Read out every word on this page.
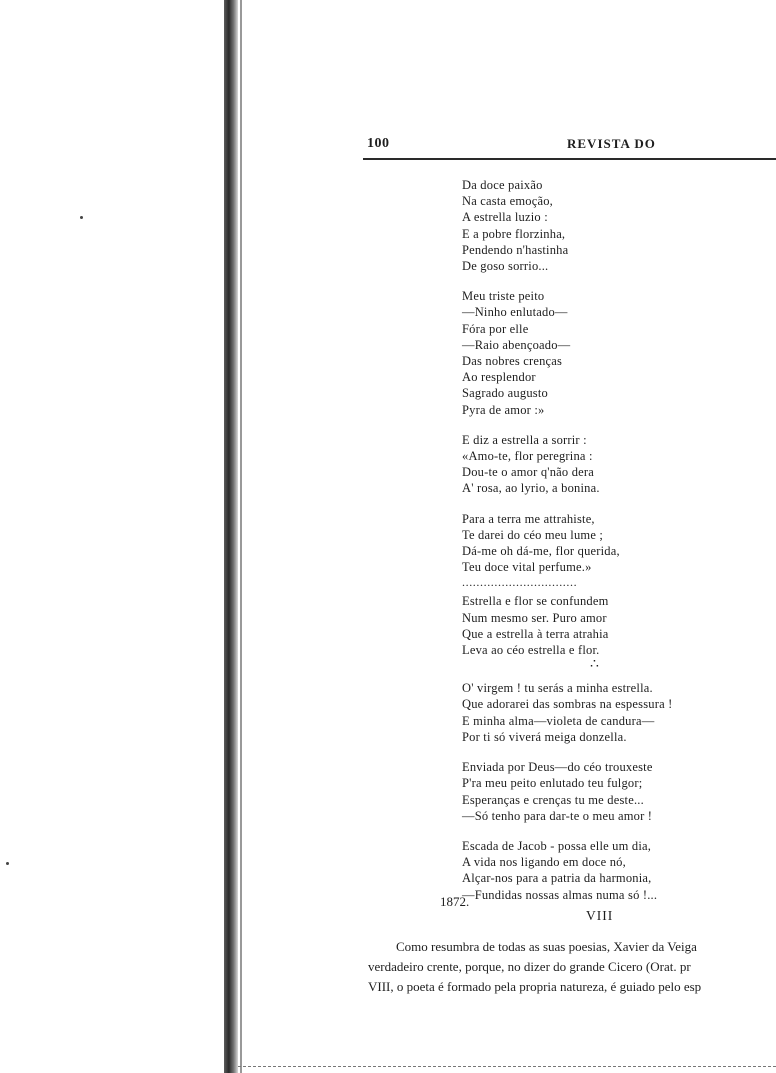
100	REVISTA DO
Da doce paixão
Na casta emoção,
A estrella luzio :
E a pobre florzinha,
Pendendo n'hastinha
De goso sorrio...
Meu triste peito
—Ninho enlutado—
Fóra por elle
—Raio abençoado—
Das nobres crenças
Ao resplendor
Sagrado augusto
Pyra de amor :»
E diz a estrella a sorrir :
«Amo-te, flor peregrina :
Dou-te o amor q'não dera
A' rosa, ao lyrio, a bonina.
Para a terra me attrahiste,
Te darei do céo meu lume ;
Dá-me oh dá-me, flor querida,
Teu doce vital perfume.»
................................
Estrella e flor se confundem
Num mesmo ser. Puro amor
Que a estrella à terra atrahia
Leva ao céo estrella e flor.
O' virgem ! tu serás a minha estrella.
Que adorarei das sombras na espessura !
E minha alma—violeta de candura—
Por ti só viverá meiga donzella.
Enviada por Deus—do céo trouxeste
P'ra meu peito enlutado teu fulgor;
Esperanças e crenças tu me deste...
—Só tenho para dar-te o meu amor !
Escada de Jacob - possa elle um dia,
A vida nos ligando em doce nó,
Alçar-nos para a patria da harmonia,
—Fundidas nossas almas numa só !...
∴
1872.
VIII
Como resumbra de todas as suas poesias, Xavier da Veiga
verdadeiro crente, porque, no dizer do grande Cicero (Orat. pr
VIII, o poeta é formado pela propria natureza, é guiado pelo esp
